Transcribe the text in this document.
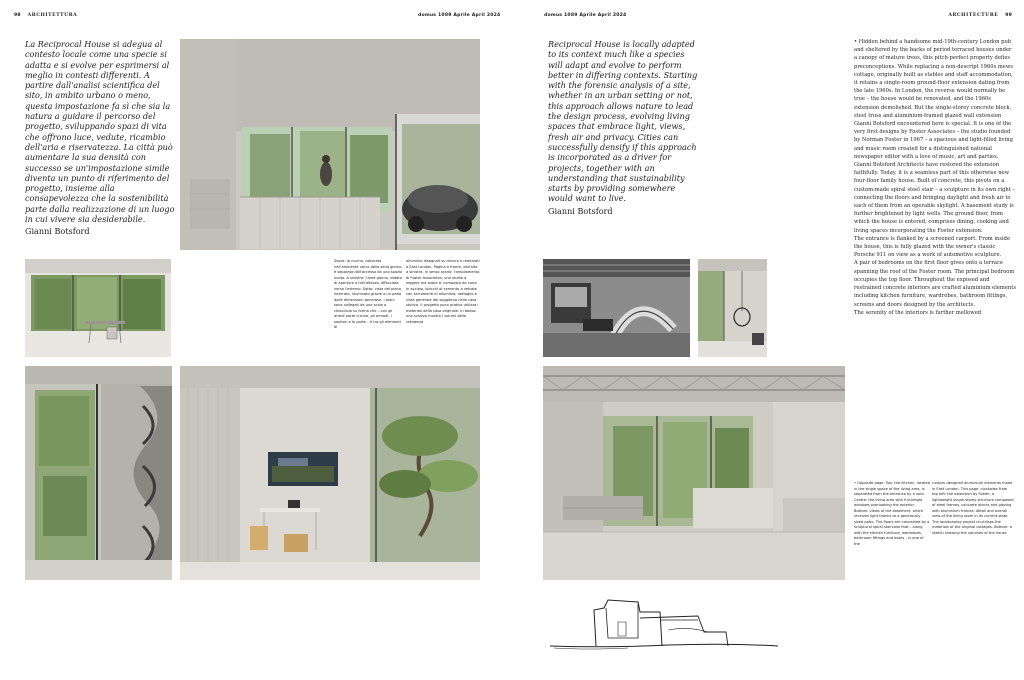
98 ARCHITETTURA	domus 1089 Aprile April 2024	domus 1089 Aprile April 2024	ARCHITECTURE 99
La Reciprocal House si adegua al contesto locale come una specie si adatta e si evolve per esprimersi al meglio in contesti differenti. A partire dall'analisi scientifica del sito, in ambito urbano o meno, questa impostazione fa sì che sia la natura a guidare il percorso del progetto, sviluppando spazi di vita che offrono luce, vedute, ricambio dell'aria e riservatezza. La città può aumentare la sua densità con successo se un'impostazione simile diventa un punto di riferimento del progetto, insieme alla consapevolezza che la sostenibilità parte dalla realizzazione di un luogo in cui vivere sia desiderabile.
Gianni Botsford
Sopra: la cucina, collocata nell'ambiente unico della zona giorno, è separata dall'accesso da uno spazio vuoto. A sinistra: l'area giorno, dotata di aperture a tutt'altezza, affacciata verso l'esterno. Sotto: vista del piano interrato, illuminato grazie a un patio dalle dimensioni generose. I piani sono collegati da una scala a chiocciola su forma che – con gli arredi parte cucina, gli armadi, i sanitari e le porte – è tra gli elementi di
alluminio disegnati su misura e realizzati a East London. Pagina a fronte, dall'alto a sinistra, in senso orario: l'ampliamento di Foster Associates; uno studio a leggere ma sopra a: composto da corpi in acciaio, blocchi di cemento a vetrate con serramenti di alluminio; dettaglio e vista generale del soggiorno nella casa storica. Il progetto poco pratico utilizza i materiali della casa originale. In basso: uno schizzo mostra i volumi della residenza
Reciprocal House is locally adapted to its context much like a species will adapt and evolve to perform better in differing contexts. Starting with the forensic analysis of a site, whether in an urban setting or not, this approach allows nature to lead the design process, evolving living spaces that embrace light, views, fresh air and privacy. Cities can successfully densify if this approach is incorporated as a driver for projects, together with an understanding that sustainability starts by providing somewhere would want to live.
Gianni Botsford

• Hidden behind a handsome mid-19th-century London pub and sheltered by the backs of period terraced houses under a canopy of mature trees, this pitch-perfect property defies preconceptions. While replacing a non-descript 1960s mews cottage, originally built as stables and staff accommodation, it retains a single-room ground-floor extension dating from the late 1960s. In London, the reverse would normally be true – the house would be renovated, and the 1960s extension demolished. But the single-storey concrete block, steel truss and aluminium-framed glazed wall extension Gianni Botsford encountered here is special. It is one of the very first designs by Foster Associates – the studio founded by Norman Foster in 1967 – a spacious and light-filled living and music room created for a distinguished national newspaper editor with a love of music, art and parties. Gianni Botsford Architects have restored the extension faithfully. Today, it is a seamless part of this otherwise new four-floor family house. Built of concrete, this pivots on a custom-made spiral steel stair – a sculpture in its own right – connecting the floors and bringing daylight and fresh air to each of them from an operable skylight. A basement study is further brightened by light wells. The ground floor, from which the house is entered, comprises dining, cooking and living spaces incorporating the Foster extension.

The entrance is flanked by a screened carport. From inside the house, this is fully glazed with the owner's classic Porsche 911 on view as a work of automotive sculpture.

A pair of bedrooms on the first floor gives onto a terrace spanning the roof of the Foster room. The principal bedroom occupies the top floor. Throughout the exposed and restrained concrete interiors are crafted aluminium elements including kitchen furniture, wardrobes, bathroom fittings, screens and doors designed by the architects.

The serenity of the interiors is further mellowed

• Opposite page. Top: the kitchen, located in the single space of the living area, is separated from the entrance by a void. Centre: the living area with full-height windows overlooking the exterior. Bottom: views of the basement, which receives light thanks to a generously sized patio. The floors are connected by a sculptural spiral staircase that – along with the kitchen furniture, wardrobes, bathroom fittings and doors – is one of the
custom-designed aluminium elements made in East London. This page, clockwise from top left: the extension by Foster; a lightweight single-storey structure composed of steel frames, concrete blocks and glazing with aluminium frames; detail and overall view of the living room in its current state. The landscaping project re-utilises the materials of the original cottages. Bottom: a sketch showing the volumes of the house
